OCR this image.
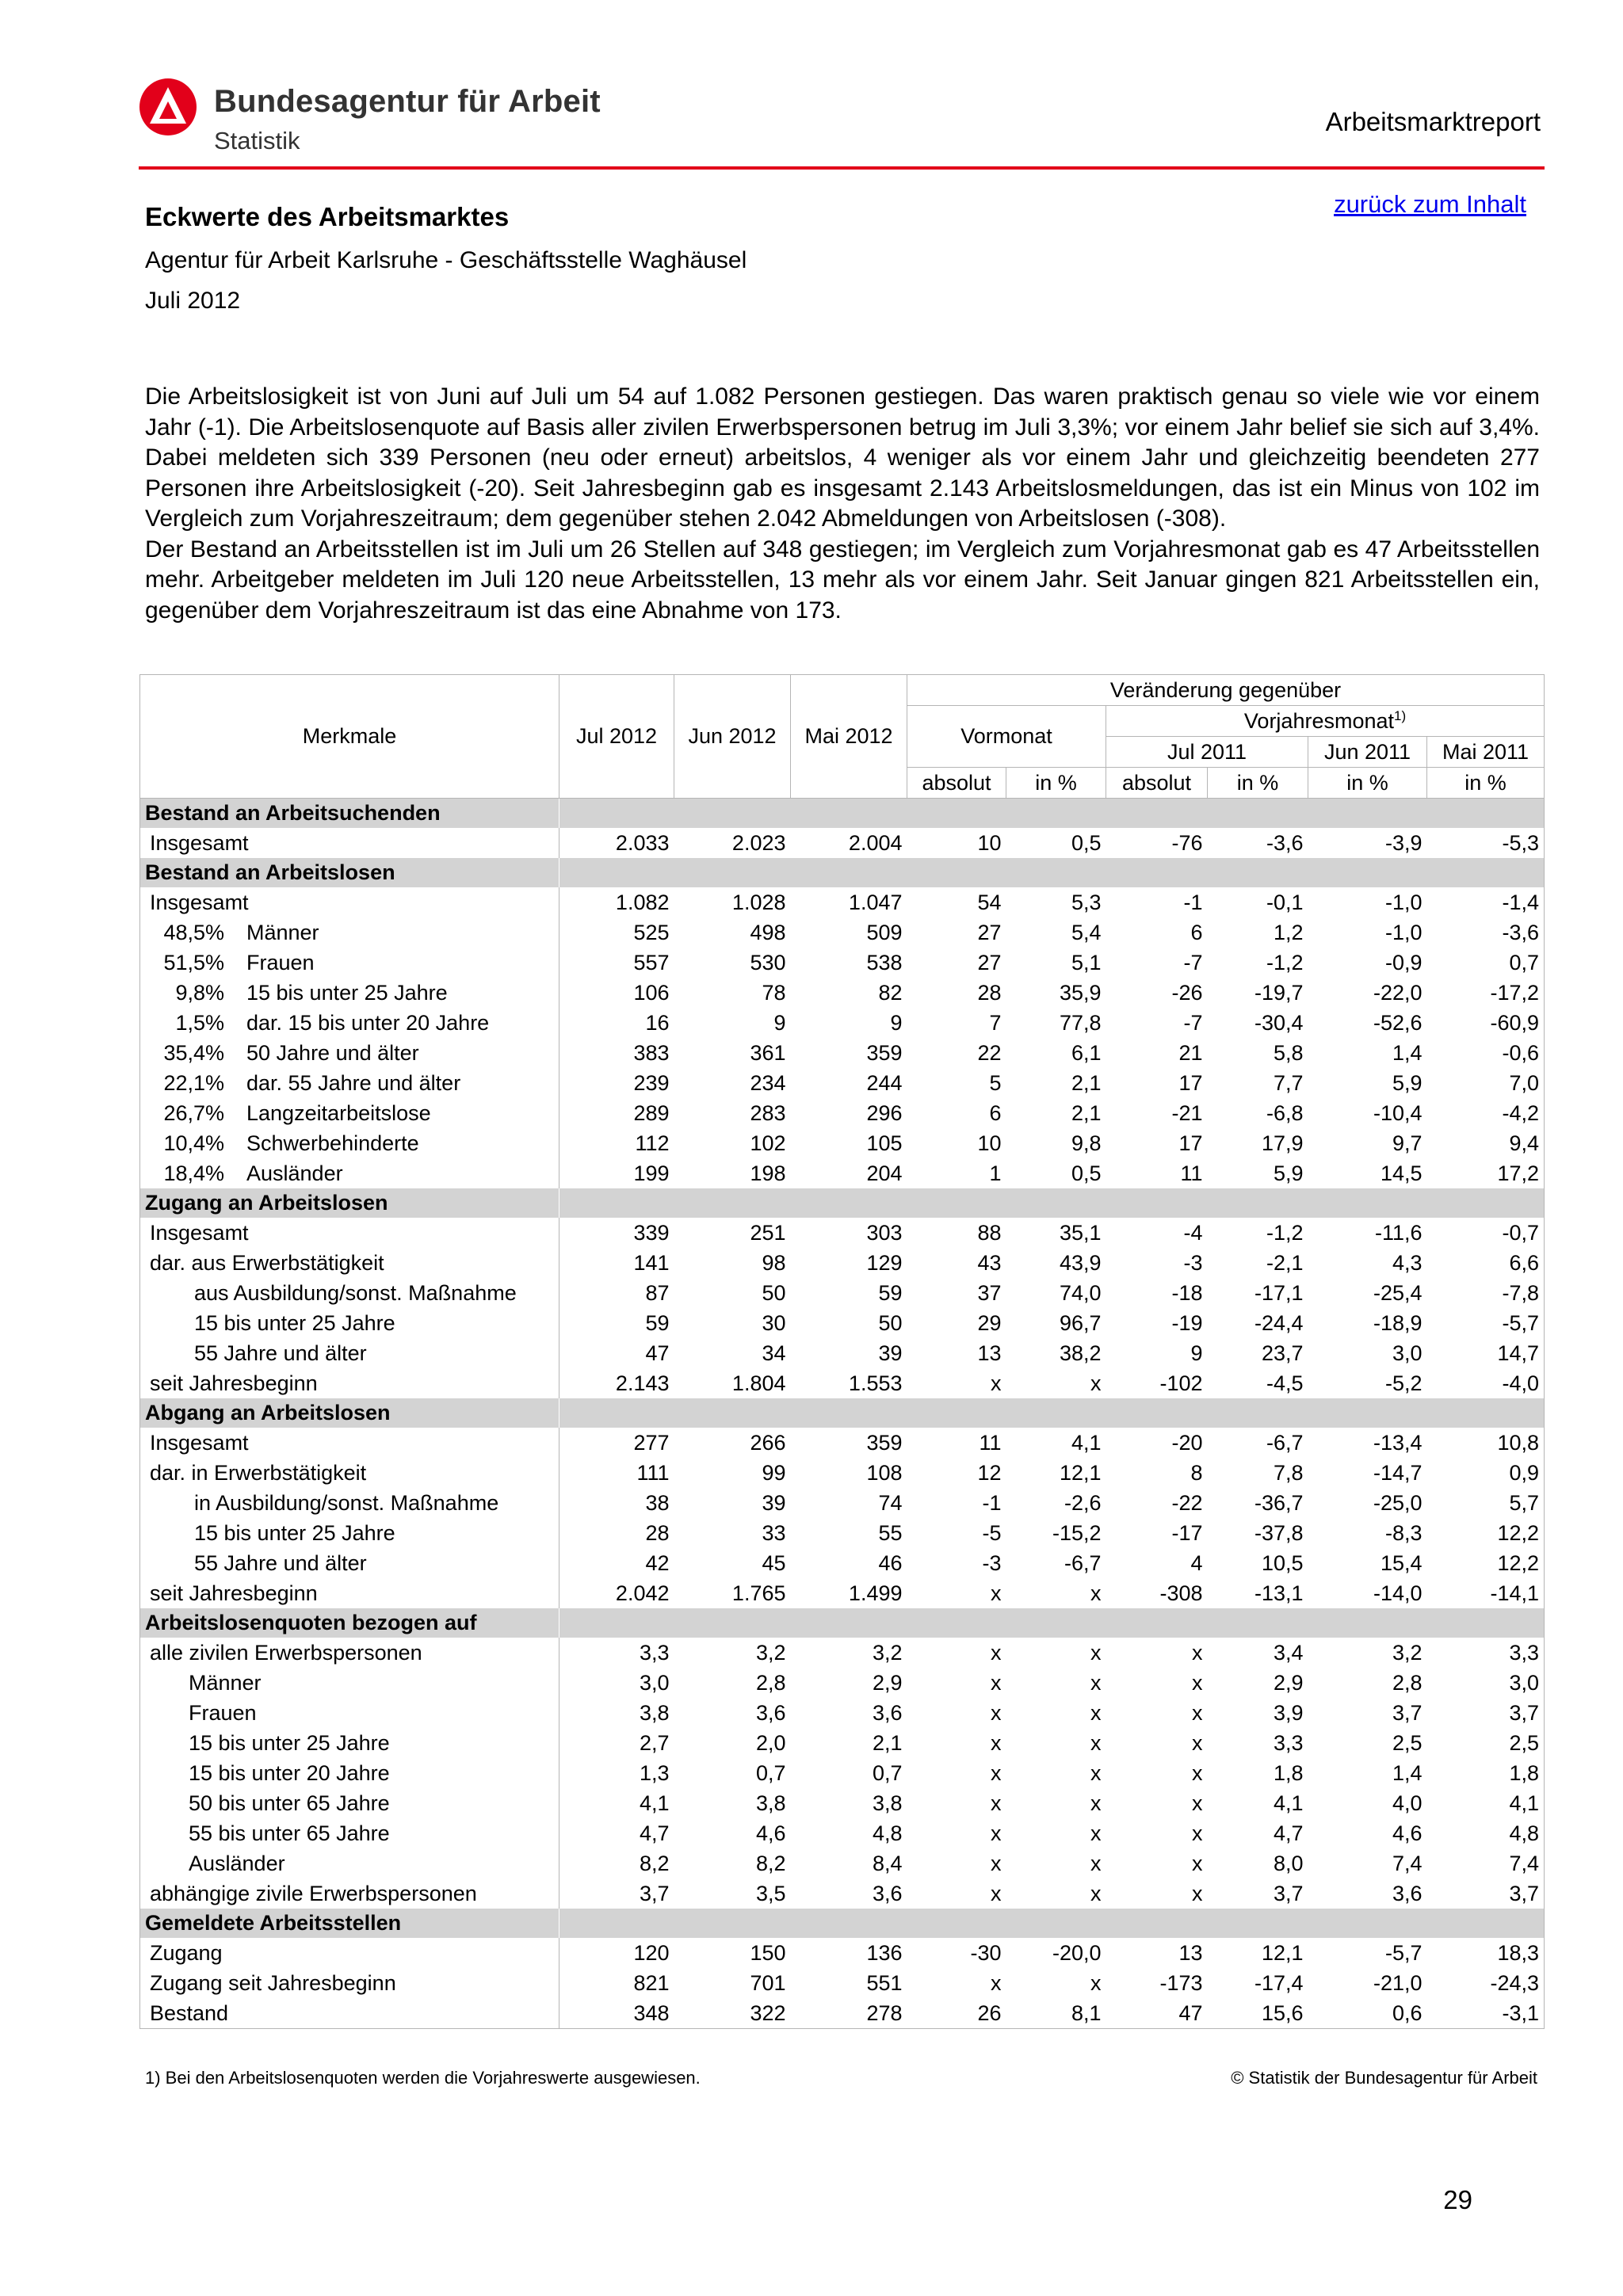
Bundesagentur für Arbeit
Statistik
Arbeitsmarktreport
zurück zum Inhalt
Eckwerte des Arbeitsmarktes
Agentur für Arbeit Karlsruhe - Geschäftsstelle Waghäusel
Juli 2012

Die Arbeitslosigkeit ist von Juni auf Juli um 54 auf 1.082 Personen gestiegen. Das waren praktisch genau so viele wie vor einem Jahr (-1). Die Arbeitslosenquote auf Basis aller zivilen Erwerbspersonen betrug im Juli 3,3%; vor einem Jahr belief sie sich auf 3,4%. Dabei meldeten sich 339 Personen (neu oder erneut) arbeitslos, 4 weniger als vor einem Jahr und gleichzeitig beendeten 277 Personen ihre Arbeitslosigkeit (-20). Seit Jahresbeginn gab es insgesamt 2.143 Arbeitslosmeldungen, das ist ein Minus von 102 im Vergleich zum Vorjahreszeitraum; dem gegenüber stehen 2.042 Abmeldungen von Arbeitslosen (-308).

Der Bestand an Arbeitsstellen ist im Juli um 26 Stellen auf 348 gestiegen; im Vergleich zum Vorjahresmonat gab es 47 Arbeitsstellen mehr. Arbeitgeber meldeten im Juli 120 neue Arbeitsstellen, 13 mehr als vor einem Jahr. Seit Januar gingen 821 Arbeitsstellen ein, gegenüber dem Vorjahreszeitraum ist das eine Abnahme von 173.

Merkmale	Jul 2012	Jun 2012	Mai 2012	Veränderung gegenüber					
				Vormonat		Vorjahresmonat$^{1)}$
						Jul 2011		Jun 2011	Mai 2011
				absolut	in %	absolut	in %	in %	in %
Bestand an Arbeitsuchenden									
Insgesamt	2.033	2.023	2.004	10	0,5	-76	-3,6	-3,9	-5,3
Bestand an Arbeitslosen									
Insgesamt	1.082	1.028	1.047	54	5,3	-1	-0,1	-1,0	-1,4
48,5% Männer	525	498	509	27	5,4	6	1,2	-1,0	-3,6
51,5% Frauen	557	530	538	27	5,1	-7	-1,2	-0,9	0,7
9,8% 15 bis unter 25 Jahre	106	78	82	28	35,9	-26	-19,7	-22,0	-17,2
1,5% dar. 15 bis unter 20 Jahre	16	9	9	7	77,8	-7	-30,4	-52,6	-60,9
35,4% 50 Jahre und älter	383	361	359	22	6,1	21	5,8	1,4	-0,6
22,1% dar. 55 Jahre und älter	239	234	244	5	2,1	17	7,7	5,9	7,0
26,7% Langzeitarbeitslose	289	283	296	6	2,1	-21	-6,8	-10,4	-4,2
10,4% Schwerbehinderte	112	102	105	10	9,8	17	17,9	9,7	9,4
18,4% Ausländer	199	198	204	1	0,5	11	5,9	14,5	17,2
Zugang an Arbeitslosen									
Insgesamt	339	251	303	88	35,1	-4	-1,2	-11,6	-0,7
dar. aus Erwerbstätigkeit	141	98	129	43	43,9	-3	-2,1	4,3	6,6
aus Ausbildung/sonst. Maßnahme	87	50	59	37	74,0	-18	-17,1	-25,4	-7,8
15 bis unter 25 Jahre	59	30	50	29	96,7	-19	-24,4	-18,9	-5,7
55 Jahre und älter	47	34	39	13	38,2	9	23,7	3,0	14,7
seit Jahresbeginn	2.143	1.804	1.553	x	x	-102	-4,5	-5,2	-4,0
Abgang an Arbeitslosen									
Insgesamt	277	266	359	11	4,1	-20	-6,7	-13,4	10,8
dar. in Erwerbstätigkeit	111	99	108	12	12,1	8	7,8	-14,7	0,9
in Ausbildung/sonst. Maßnahme	38	39	74	-1	-2,6	-22	-36,7	-25,0	5,7
15 bis unter 25 Jahre	28	33	55	-5	-15,2	-17	-37,8	-8,3	12,2
55 Jahre und älter	42	45	46	-3	-6,7	4	10,5	15,4	12,2
seit Jahresbeginn	2.042	1.765	1.499	x	x	-308	-13,1	-14,0	-14,1
Arbeitslosenquoten bezogen auf									
alle zivilen Erwerbspersonen	3,3	3,2	3,2	x	x	x	3,4	3,2	3,3
Männer	3,0	2,8	2,9	x	x	x	2,9	2,8	3,0
Frauen	3,8	3,6	3,6	x	x	x	3,9	3,7	3,7
15 bis unter 25 Jahre	2,7	2,0	2,1	x	x	x	3,3	2,5	2,5
15 bis unter 20 Jahre	1,3	0,7	0,7	x	x	x	1,8	1,4	1,8
50 bis unter 65 Jahre	4,1	3,8	3,8	x	x	x	4,1	4,0	4,1
55 bis unter 65 Jahre	4,7	4,6	4,8	x	x	x	4,7	4,6	4,8
Ausländer	8,2	8,2	8,4	x	x	x	8,0	7,4	7,4
abhängige zivile Erwerbspersonen	3,7	3,5	3,6	x	x	x	3,7	3,6	3,7
Gemeldete Arbeitsstellen									
Zugang	120	150	136	-30	-20,0	13	12,1	-5,7	18,3
Zugang seit Jahresbeginn	821	701	551	x	x	-173	-17,4	-21,0	-24,3
Bestand	348	322	278	26	8,1	47	15,6	0,6	-3,1
1) Bei den Arbeitslosenquoten werden die Vorjahreswerte ausgewiesen.	© Statistik der Bundesagentur für Arbeit
29
